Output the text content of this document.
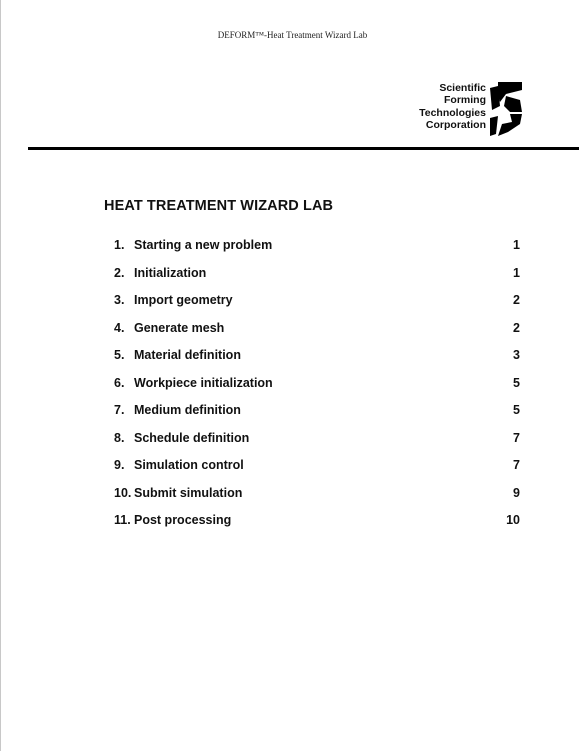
DEFORM™-Heat Treatment Wizard Lab
Scientific
Forming
Technologies
Corporation
HEAT TREATMENT WIZARD LAB
1. Starting a new problem	1
2. Initialization	1
3. Import geometry	2
4. Generate mesh	2
5. Material definition	3
6. Workpiece initialization	5
7. Medium definition	5
8. Schedule definition	7
9. Simulation control	7
10. Submit simulation	9
11. Post processing	10
